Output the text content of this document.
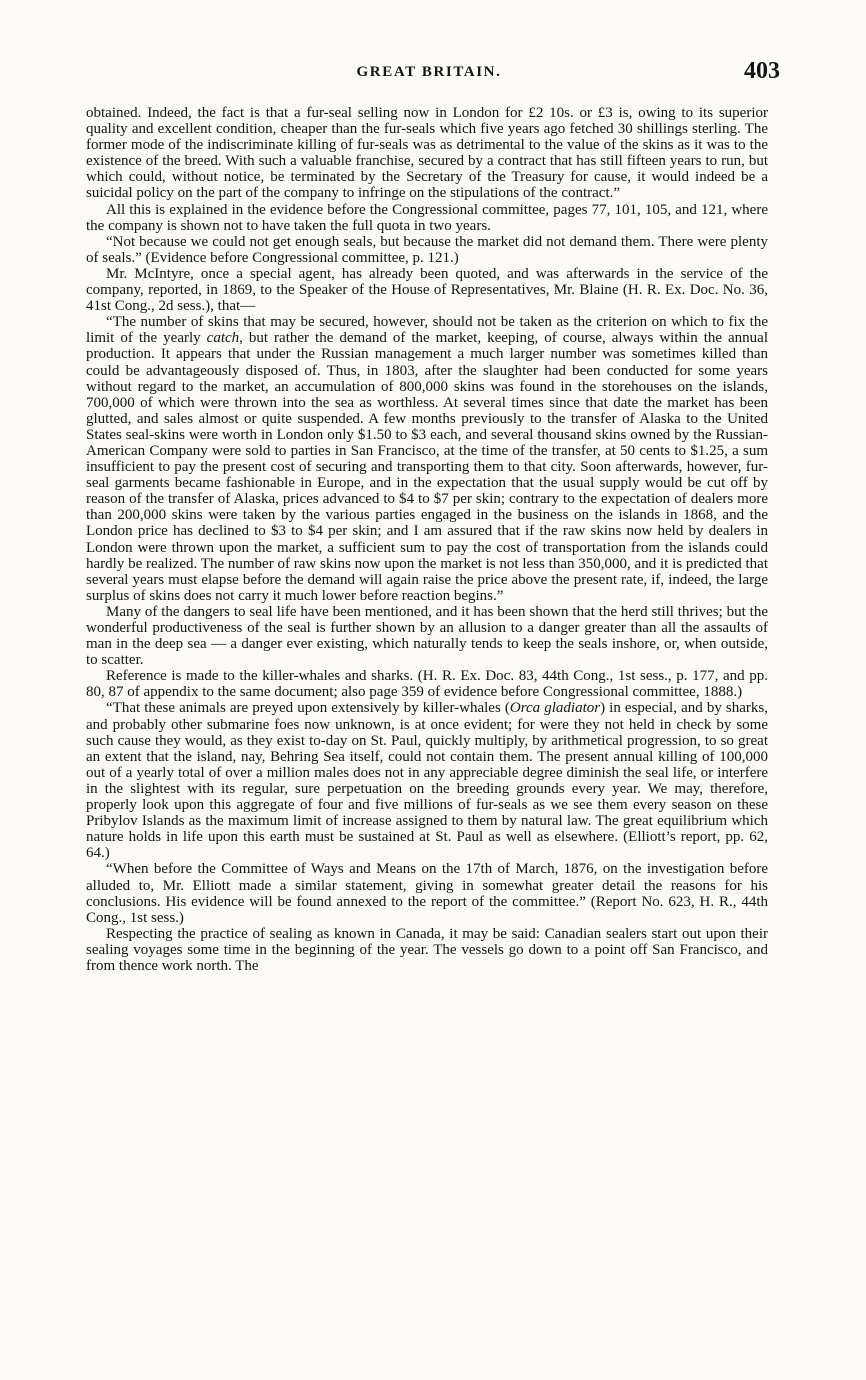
GREAT BRITAIN.	403

obtained. Indeed, the fact is that a fur-seal selling now in London for £2 10s. or £3 is, owing to its superior quality and excellent condition, cheaper than the fur-seals which five years ago fetched 30 shillings sterling. The former mode of the indiscriminate killing of fur-seals was as detrimental to the value of the skins as it was to the existence of the breed. With such a valuable franchise, secured by a contract that has still fifteen years to run, but which could, without notice, be terminated by the Secretary of the Treasury for cause, it would indeed be a suicidal policy on the part of the company to infringe on the stipulations of the contract.”

All this is explained in the evidence before the Congressional committee, pages 77, 101, 105, and 121, where the company is shown not to have taken the full quota in two years.

“Not because we could not get enough seals, but because the market did not demand them. There were plenty of seals.” (Evidence before Congressional committee, p. 121.)

Mr. McIntyre, once a special agent, has already been quoted, and was afterwards in the service of the company, reported, in 1869, to the Speaker of the House of Representatives, Mr. Blaine (H. R. Ex. Doc. No. 36, 41st Cong., 2d sess.), that—

“The number of skins that may be secured, however, should not be taken as the criterion on which to fix the limit of the yearly catch, but rather the demand of the market, keeping, of course, always within the annual production. It appears that under the Russian management a much larger number was sometimes killed than could be advantageously disposed of. Thus, in 1803, after the slaughter had been conducted for some years without regard to the market, an accumulation of 800,000 skins was found in the storehouses on the islands, 700,000 of which were thrown into the sea as worthless. At several times since that date the market has been glutted, and sales almost or quite suspended. A few months previously to the transfer of Alaska to the United States seal-skins were worth in London only $1.50 to $3 each, and several thousand skins owned by the Russian-American Company were sold to parties in San Francisco, at the time of the transfer, at 50 cents to $1.25, a sum insufficient to pay the present cost of securing and transporting them to that city. Soon afterwards, however, fur-seal garments became fashionable in Europe, and in the expectation that the usual supply would be cut off by reason of the transfer of Alaska, prices advanced to $4 to $7 per skin; contrary to the expectation of dealers more than 200,000 skins were taken by the various parties engaged in the business on the islands in 1868, and the London price has declined to $3 to $4 per skin; and I am assured that if the raw skins now held by dealers in London were thrown upon the market, a sufficient sum to pay the cost of transportation from the islands could hardly be realized. The number of raw skins now upon the market is not less than 350,000, and it is predicted that several years must elapse before the demand will again raise the price above the present rate, if, indeed, the large surplus of skins does not carry it much lower before reaction begins.”

Many of the dangers to seal life have been mentioned, and it has been shown that the herd still thrives; but the wonderful productiveness of the seal is further shown by an allusion to a danger greater than all the assaults of man in the deep sea — a danger ever existing, which naturally tends to keep the seals inshore, or, when outside, to scatter.

Reference is made to the killer-whales and sharks. (H. R. Ex. Doc. 83, 44th Cong., 1st sess., p. 177, and pp. 80, 87 of appendix to the same document; also page 359 of evidence before Congressional committee, 1888.)

“That these animals are preyed upon extensively by killer-whales (Orca gladiator) in especial, and by sharks, and probably other submarine foes now unknown, is at once evident; for were they not held in check by some such cause they would, as they exist to-day on St. Paul, quickly multiply, by arithmetical progression, to so great an extent that the island, nay, Behring Sea itself, could not contain them. The present annual killing of 100,000 out of a yearly total of over a million males does not in any appreciable degree diminish the seal life, or interfere in the slightest with its regular, sure perpetuation on the breeding grounds every year. We may, therefore, properly look upon this aggregate of four and five millions of fur-seals as we see them every season on these Pribylov Islands as the maximum limit of increase assigned to them by natural law. The great equilibrium which nature holds in life upon this earth must be sustained at St. Paul as well as elsewhere. (Elliott’s report, pp. 62, 64.)

“When before the Committee of Ways and Means on the 17th of March, 1876, on the investigation before alluded to, Mr. Elliott made a similar statement, giving in somewhat greater detail the reasons for his conclusions. His evidence will be found annexed to the report of the committee.” (Report No. 623, H. R., 44th Cong., 1st sess.)

Respecting the practice of sealing as known in Canada, it may be said: Canadian sealers start out upon their sealing voyages some time in the beginning of the year. The vessels go down to a point off San Francisco, and from thence work north. The
